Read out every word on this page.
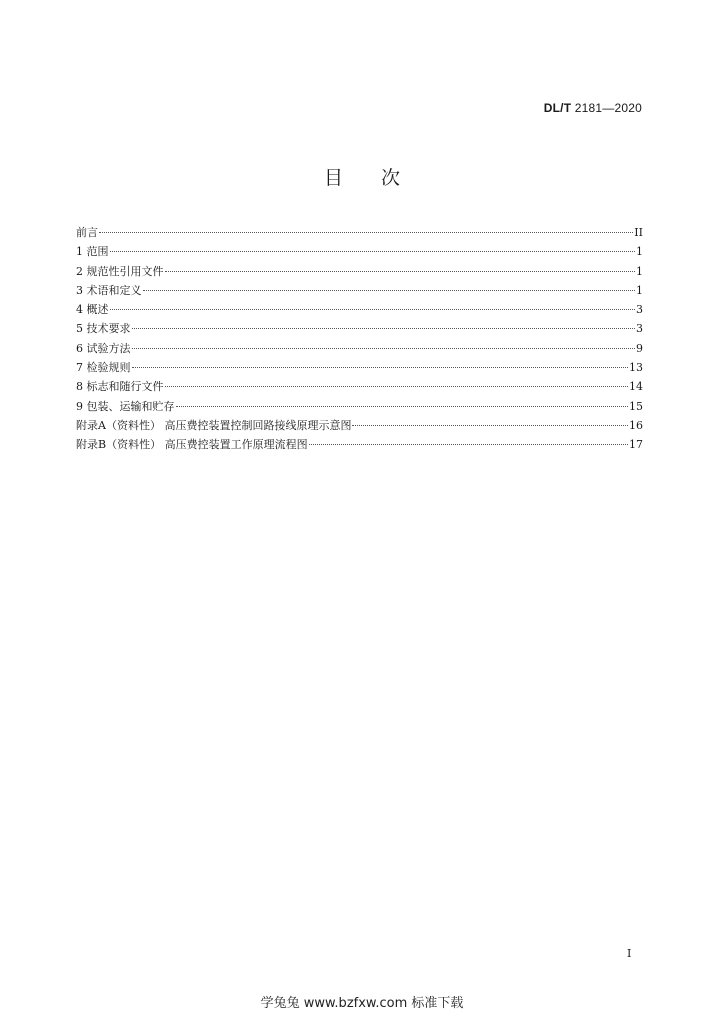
DL/T 2181—2020
目次
前言	II
1 范围	1
2 规范性引用文件	1
3 术语和定义	1
4 概述	3
5 技术要求	3
6 试验方法	9
7 检验规则	13
8 标志和随行文件	14
9 包装、运输和贮存	15
附录A（资料性） 高压费控装置控制回路接线原理示意图	16
附录B（资料性） 高压费控装置工作原理流程图	17
I
学兔兔 www.bzfxw.com 标准下载
